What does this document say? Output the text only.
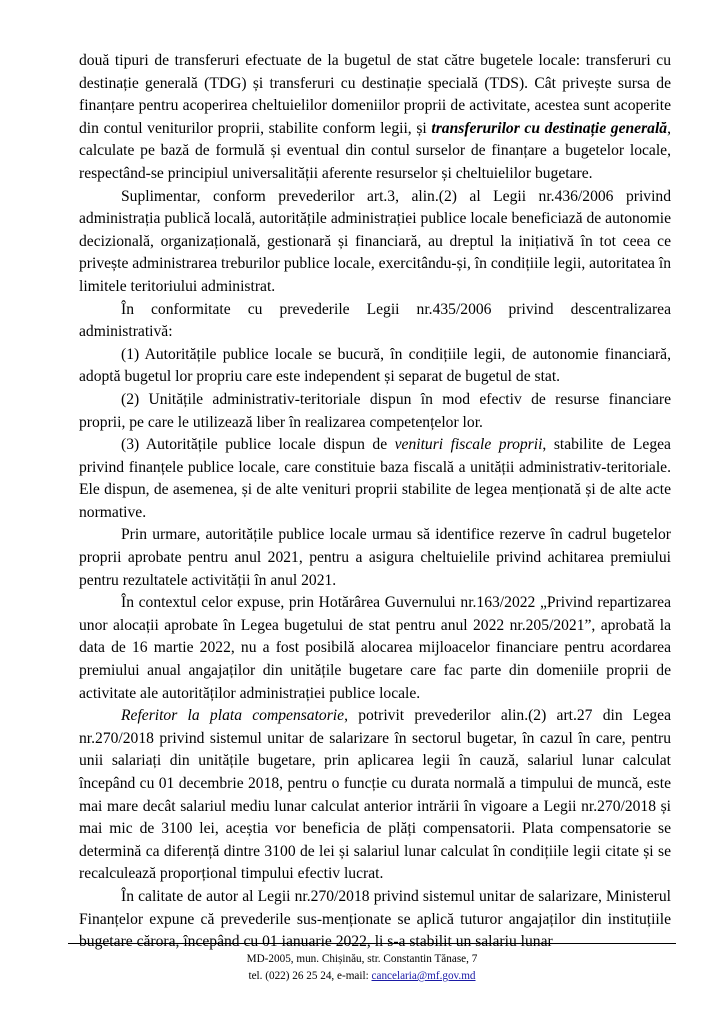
două tipuri de transferuri efectuate de la bugetul de stat către bugetele locale: transferuri cu destinație generală (TDG) și transferuri cu destinație specială (TDS). Cât privește sursa de finanțare pentru acoperirea cheltuielilor domeniilor proprii de activitate, acestea sunt acoperite din contul veniturilor proprii, stabilite conform legii, și transferurilor cu destinație generală, calculate pe bază de formulă și eventual din contul surselor de finanțare a bugetelor locale, respectând-se principiul universalității aferente resurselor și cheltuielilor bugetare.

Suplimentar, conform prevederilor art.3, alin.(2) al Legii nr.436/2006 privind administrația publică locală, autoritățile administrației publice locale beneficiază de autonomie decizională, organizațională, gestionară și financiară, au dreptul la inițiativă în tot ceea ce privește administrarea treburilor publice locale, exercitându-și, în condițiile legii, autoritatea în limitele teritoriului administrat.

În conformitate cu prevederile Legii nr.435/2006 privind descentralizarea administrativă:

(1) Autoritățile publice locale se bucură, în condițiile legii, de autonomie financiară, adoptă bugetul lor propriu care este independent și separat de bugetul de stat.

(2) Unitățile administrativ-teritoriale dispun în mod efectiv de resurse financiare proprii, pe care le utilizează liber în realizarea competențelor lor.

(3) Autoritățile publice locale dispun de venituri fiscale proprii, stabilite de Legea privind finanțele publice locale, care constituie baza fiscală a unității administrativ-teritoriale. Ele dispun, de asemenea, și de alte venituri proprii stabilite de legea menționată și de alte acte normative.

Prin urmare, autoritățile publice locale urmau să identifice rezerve în cadrul bugetelor proprii aprobate pentru anul 2021, pentru a asigura cheltuielile privind achitarea premiului pentru rezultatele activității în anul 2021.

În contextul celor expuse, prin Hotărârea Guvernului nr.163/2022 „Privind repartizarea unor alocații aprobate în Legea bugetului de stat pentru anul 2022 nr.205/2021”, aprobată la data de 16 martie 2022, nu a fost posibilă alocarea mijloacelor financiare pentru acordarea premiului anual angajaților din unitățile bugetare care fac parte din domeniile proprii de activitate ale autorităților administrației publice locale.

Referitor la plata compensatorie, potrivit prevederilor alin.(2) art.27 din Legea nr.270/2018 privind sistemul unitar de salarizare în sectorul bugetar, în cazul în care, pentru unii salariați din unitățile bugetare, prin aplicarea legii în cauză, salariul lunar calculat începând cu 01 decembrie 2018, pentru o funcție cu durata normală a timpului de muncă, este mai mare decât salariul mediu lunar calculat anterior intrării în vigoare a Legii nr.270/2018 și mai mic de 3100 lei, aceștia vor beneficia de plăți compensatorii. Plata compensatorie se determină ca diferență dintre 3100 de lei și salariul lunar calculat în condițiile legii citate și se recalculează proporțional timpului efectiv lucrat.

În calitate de autor al Legii nr.270/2018 privind sistemul unitar de salarizare, Ministerul Finanțelor expune că prevederile sus-menționate se aplică tuturor angajaților din instituțiile bugetare cărora, începând cu 01 ianuarie 2022, li s-a stabilit un salariu lunar

MD-2005, mun. Chișinău, str. Constantin Tănase, 7
tel. (022) 26 25 24, e-mail: cancelaria@mf.gov.md
